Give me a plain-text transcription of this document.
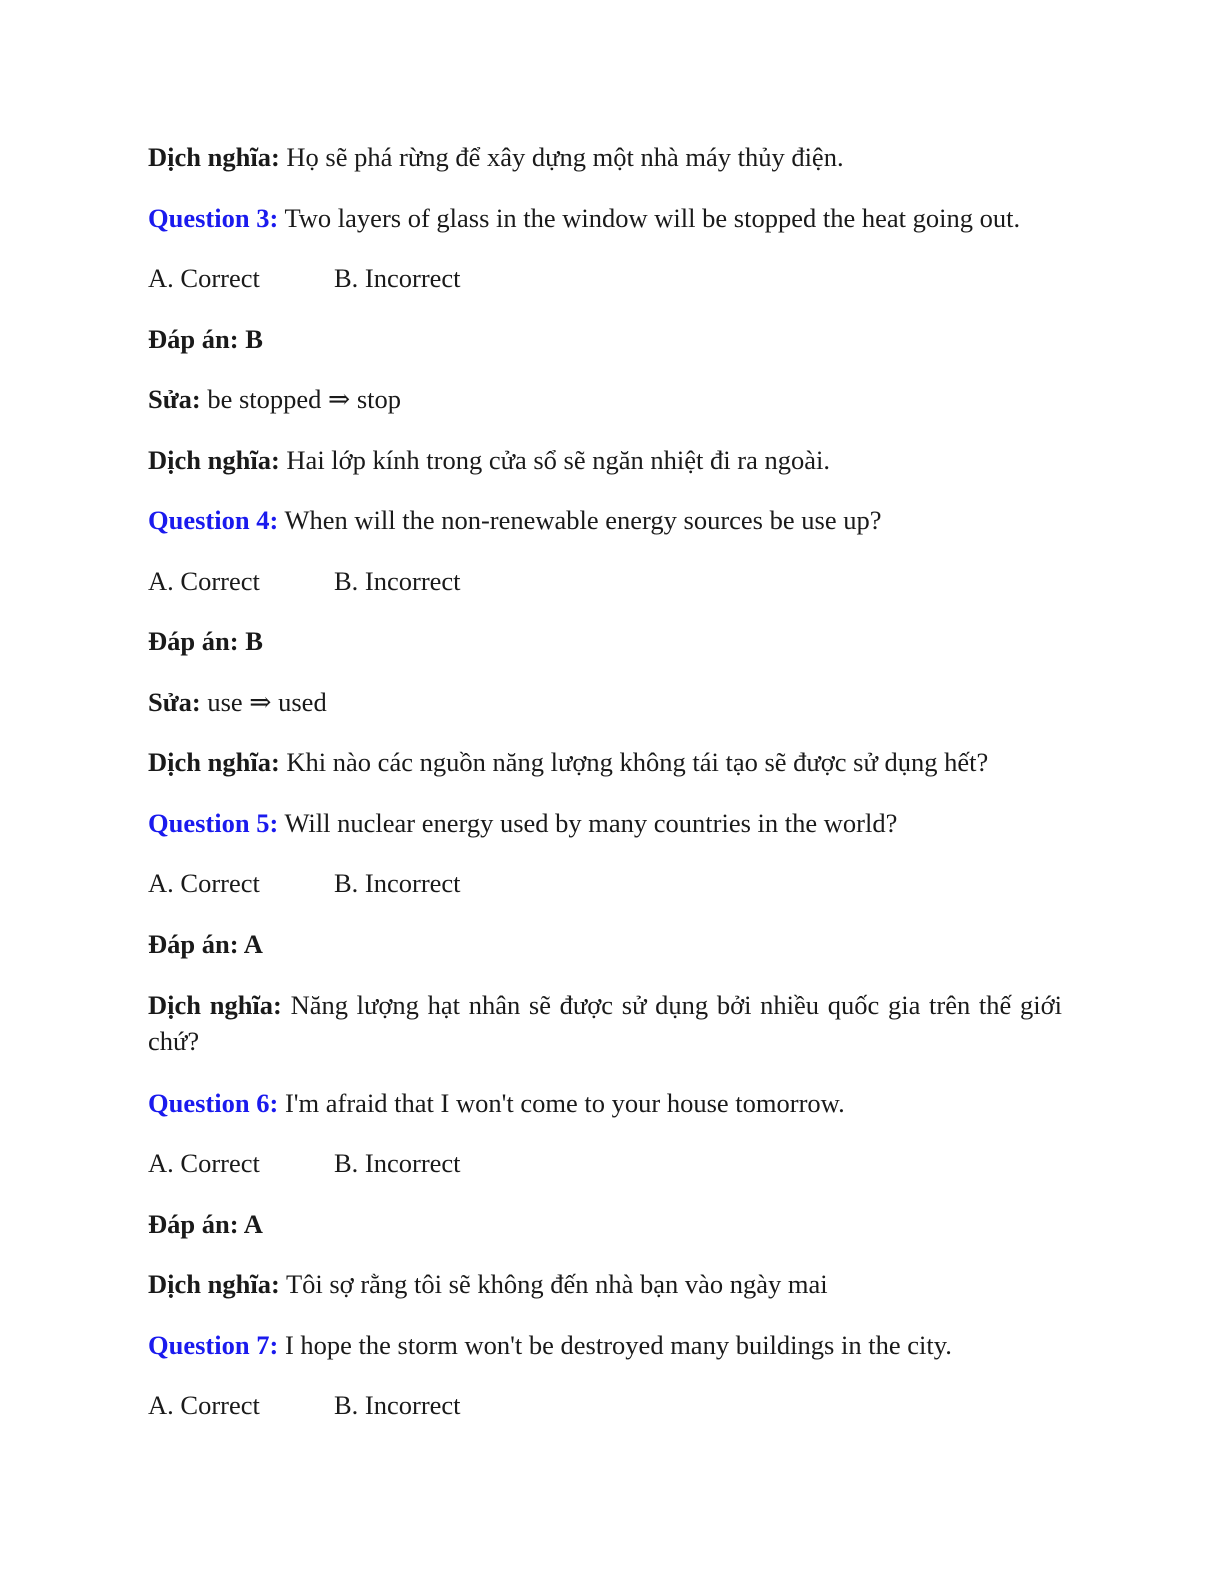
Dịch nghĩa: Họ sẽ phá rừng để xây dựng một nhà máy thủy điện.

Question 3: Two layers of glass in the window will be stopped the heat going out.

A. Correct	B. Incorrect

Đáp án: B

Sửa: be stopped ⇒ stop

Dịch nghĩa: Hai lớp kính trong cửa sổ sẽ ngăn nhiệt đi ra ngoài.

Question 4: When will the non-renewable energy sources be use up?

A. Correct	B. Incorrect

Đáp án: B

Sửa: use ⇒ used

Dịch nghĩa: Khi nào các nguồn năng lượng không tái tạo sẽ được sử dụng hết?

Question 5: Will nuclear energy used by many countries in the world?

A. Correct	B. Incorrect

Đáp án: A

Dịch nghĩa: Năng lượng hạt nhân sẽ được sử dụng bởi nhiều quốc gia trên thế giới chứ?

Question 6: I'm afraid that I won't come to your house tomorrow.

A. Correct	B. Incorrect

Đáp án: A

Dịch nghĩa: Tôi sợ rằng tôi sẽ không đến nhà bạn vào ngày mai

Question 7: I hope the storm won't be destroyed many buildings in the city.

A. Correct	B. Incorrect
